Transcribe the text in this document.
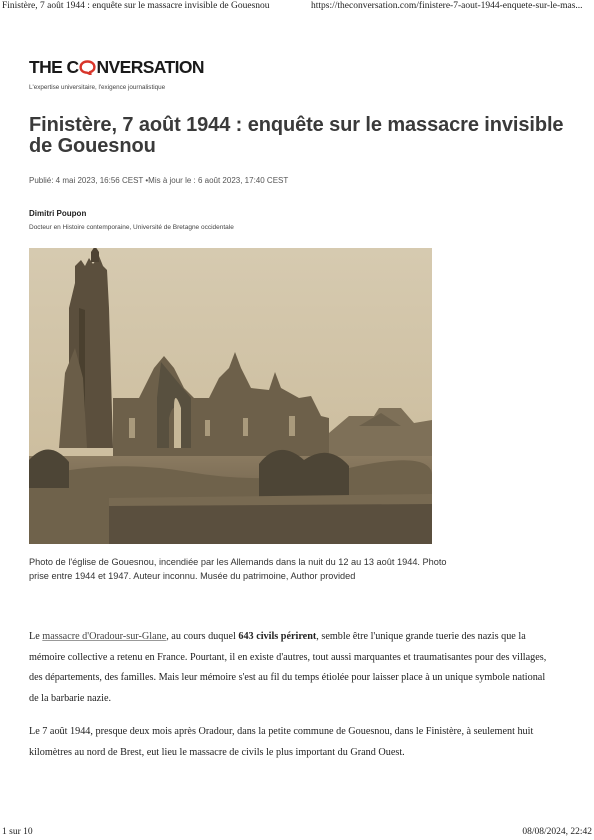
Finistère, 7 août 1944 : enquête sur le massacre invisible de Gouesnou	https://theconversation.com/finistere-7-aout-1944-enquete-sur-le-mas...
THE C NVERSATION
L'expertise universitaire, l'exigence journalistique
Finistère, 7 août 1944 : enquête sur le massacre invisible de Gouesnou
Publié: 4 mai 2023, 16:56 CEST •Mis à jour le : 6 août 2023, 17:40 CEST
Dimitri Poupon
Docteur en Histoire contemporaine, Université de Bretagne occidentale

Photo de l'église de Gouesnou, incendiée par les Allemands dans la nuit du 12 au 13 août 1944. Photo prise entre 1944 et 1947. Auteur inconnu. Musée du patrimoine, Author provided

Le massacre d'Oradour-sur-Glane, au cours duquel 643 civils périrent, semble être l'unique grande tuerie des nazis que la mémoire collective a retenu en France. Pourtant, il en existe d'autres, tout aussi marquantes et traumatisantes pour des villages, des départements, des familles. Mais leur mémoire s'est au fil du temps étiolée pour laisser place à un unique symbole national de la barbarie nazie.

Le 7 août 1944, presque deux mois après Oradour, dans la petite commune de Gouesnou, dans le Finistère, à seulement huit kilomètres au nord de Brest, eut lieu le massacre de civils le plus important du Grand Ouest.

1 sur 10	08/08/2024, 22:42
